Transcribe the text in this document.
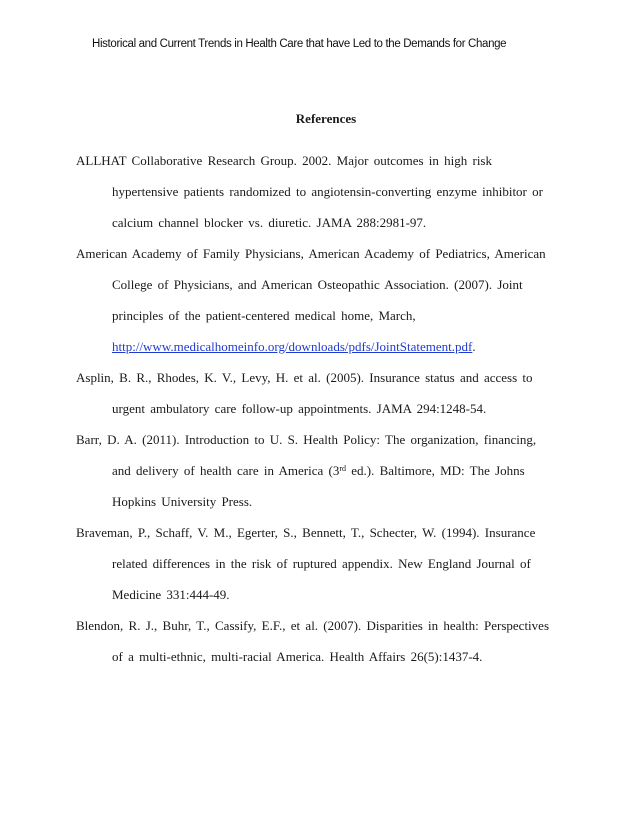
Historical and Current Trends in Health Care that have Led to the Demands for Change
References
ALLHAT Collaborative Research Group. 2002. Major outcomes in high risk hypertensive patients randomized to angiotensin-converting enzyme inhibitor or calcium channel blocker vs. diuretic. JAMA 288:2981-97.
American Academy of Family Physicians, American Academy of Pediatrics, American College of Physicians, and American Osteopathic Association. (2007). Joint principles of the patient-centered medical home, March,
http://www.medicalhomeinfo.org/downloads/pdfs/JointStatement.pdf.
Asplin, B. R., Rhodes, K. V., Levy, H. et al. (2005). Insurance status and access to urgent ambulatory care follow-up appointments. JAMA 294:1248-54.
Barr, D. A. (2011). Introduction to U. S. Health Policy: The organization, financing, and delivery of health care in America (3rd ed.). Baltimore, MD: The Johns Hopkins University Press.
Braveman, P., Schaff, V. M., Egerter, S., Bennett, T., Schecter, W. (1994). Insurance related differences in the risk of ruptured appendix. New England Journal of Medicine 331:444-49.
Blendon, R. J., Buhr, T., Cassify, E.F., et al. (2007). Disparities in health: Perspectives of a multi-ethnic, multi-racial America. Health Affairs 26(5):1437-4.
